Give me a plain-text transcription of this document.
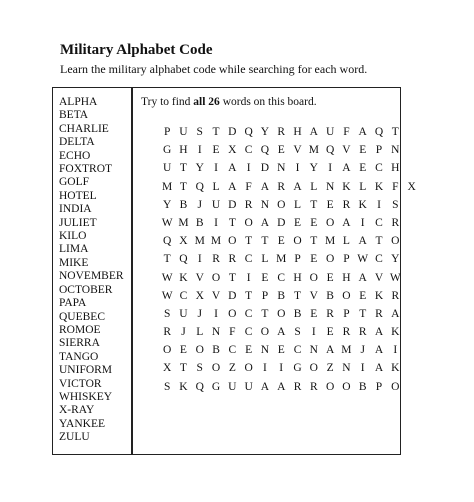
Military Alphabet Code
Learn the military alphabet code while searching for each word.
ALPHA
BETA
CHARLIE
DELTA
ECHO
FOXTROT
GOLF
HOTEL
INDIA
JULIET
KILO
LIMA
MIKE
NOVEMBER
OCTOBER
PAPA
QUEBEC
ROMOE
SIERRA
TANGO
UNIFORM
VICTOR
WHISKEY
X-RAY
YANKEE
ZULU
Try to find all 26 words on this board.
P U S T D Q Y R H A U F A Q T
G H I E X C Q E V M Q V E P N
U T Y I A I D N I Y I A E C H
M T Q L A F A R A L N K L K F X
Y B J U D R N O L T E R K I S
W M B I T O A D E E O A I C R
Q X M M O T T E O T M L A T O
T Q I R R C L M P E O P W C Y
W K V O T I E C H O E H A V W
W C X V D T P B T V B O E K R
S U J	I O C T O B E R P T R A
R J L N F C O A S I E R R A K
O E O B C E N E C N A M J A I
X T S O Z O I	I G O Z N I A K
S K Q G U U A A R R O O B P O
